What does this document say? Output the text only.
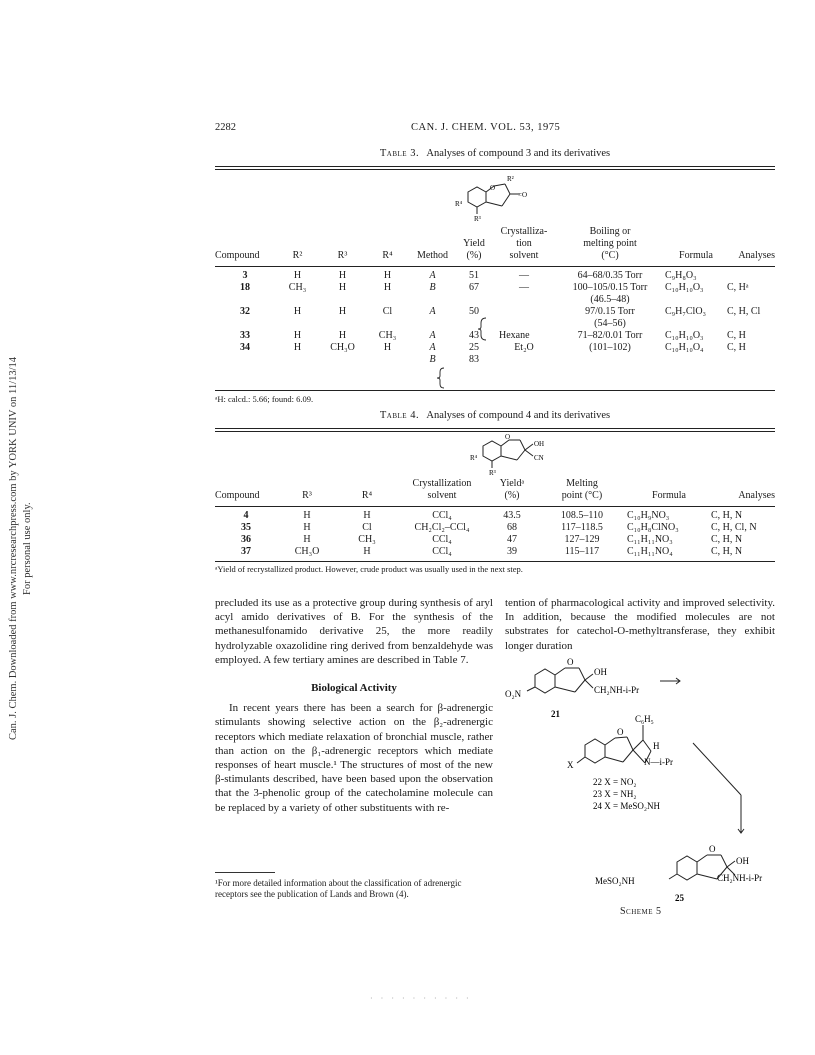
Can. J. Chem. Downloaded from www.nrcresearchpress.com by YORK UNIV on 11/13/14 For personal use only.
2282	CAN. J. CHEM. VOL. 53, 1975
Table 3. Analyses of compound 3 and its derivatives
O
R²
=O
R⁴
R³
						Crystalliza-	Boiling or		
					Yield	tion	melting point		
Compound	R²	R³	R⁴	Method	(%)	solvent	(°C)	Formula	Analyses
3	H	H	H	A	51	—	64–68/0.35 Torr	C₉H₈O₃	
18	CH₃	H	H	B	67	—	100–105/0.15 Torr	C₁₀H₁₀O₃	C, Hᵃ
							(46.5–48)		
32	H	H	Cl	A	50		97/0.15 Torr	C₉H₇ClO₃	C, H, Cl
							(54–56)		
33	H	H	CH₃	A	43	Hexane	71–82/0.01 Torr	C₁₀H₁₀O₃	C, H
34	H	CH₃O	H	A	25	Et₂O	(101–102)	C₁₀H₁₀O₄	C, H
				B	83				
ᵃH: calcd.: 5.66; found: 6.09.
Table 4. Analyses of compound 4 and its derivatives
O
OH
CN
R⁴
R³
			Crystallization	Yieldᵃ	Melting		
Compound	R³	R⁴	solvent	(%)	point (°C)	Formula	Analyses
4	H	H	CCl₄	43.5	108.5–110	C₁₀H₉NO₃	C, H, N
35	H	Cl	CH₂Cl₂–CCl₄	68	117–118.5	C₁₀H₈ClNO₃	C, H, Cl, N
36	H	CH₃	CCl₄	47	127–129	C₁₁H₁₁NO₃	C, H, N
37	CH₃O	H	CCl₄	39	115–117	C₁₁H₁₁NO₄	C, H, N
ᵃYield of recrystallized product. However, crude product was usually used in the next step.

precluded its use as a protective group during synthesis of aryl acyl amido derivatives of B. For the synthesis of the methanesulfonamido derivative 25, the more readily hydrolyzable oxazolidine ring derived from benzaldehyde was employed. A few tertiary amines are described in Table 7.

Biological Activity

In recent years there has been a search for β-adrenergic stimulants showing selective action on the β₂-adrenergic receptors which mediate relaxation of bronchial muscle, rather than action on the β₁-adrenergic receptors which mediate responses of heart muscle.¹ The structures of most of the new β-stimulants described, have been based upon the observation that the 3-phenolic group of the catecholamine molecule can be replaced by a variety of other substituents with re-

¹For more detailed information about the classification of adrenergic receptors see the publication of Lands and Brown (4).

tention of pharmacological activity and improved selectivity. In addition, because the modified molecules are not substrates for catechol-O-methyltransferase, they exhibit longer duration

O
OH
CH₂NH-i-Pr
O₂N
21	C₆H₅
H
N—i-Pr
O
X
22 X = NO₂
23 X = NH₂
24 X = MeSO₂NH
O
OH
CH₂NH-i-Pr
MeSO₂NH
25
Scheme 5
· · · · · · · · · ·
